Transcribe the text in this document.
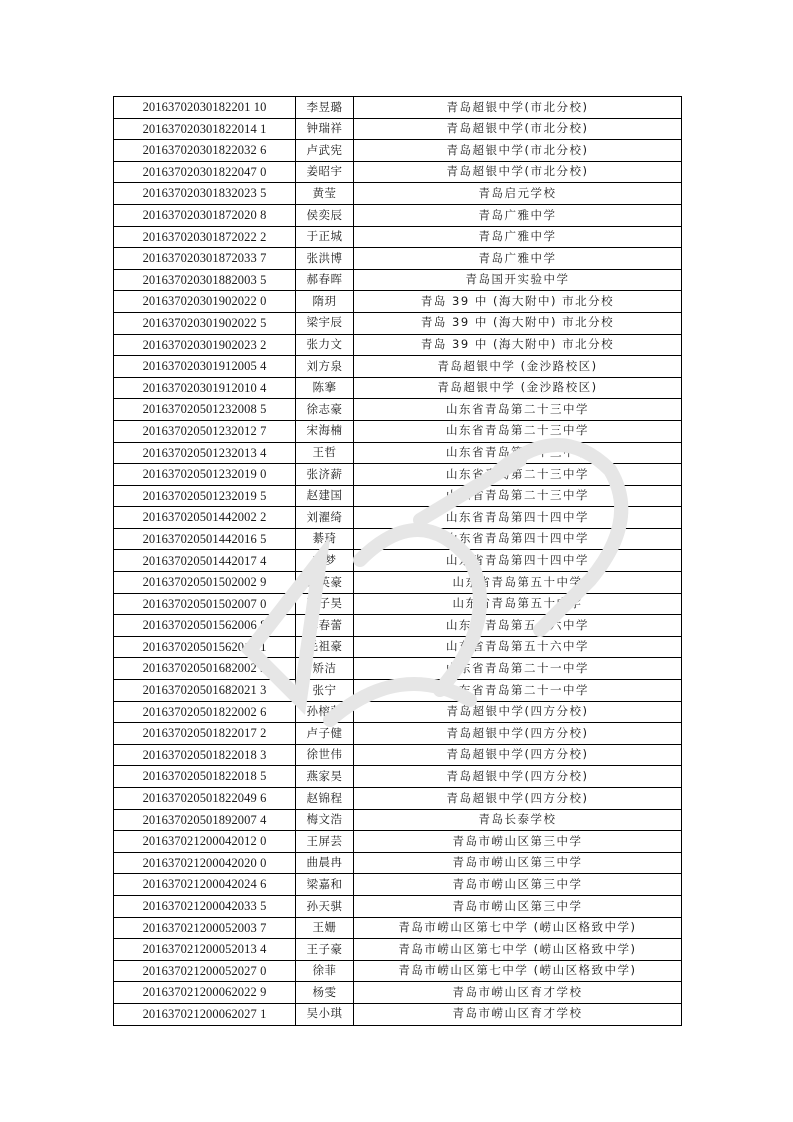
20163702030182201 10	李昱璐	青岛超银中学(市北分校)
201637020301822014 1	钟瑞祥	青岛超银中学(市北分校)
201637020301822032 6	卢武宪	青岛超银中学(市北分校)
201637020301822047 0	姜昭宇	青岛超银中学(市北分校)
201637020301832023 5	黄莹	青岛启元学校
201637020301872020 8	侯奕辰	青岛广雅中学
201637020301872022 2	于正城	青岛广雅中学
201637020301872033 7	张洪博	青岛广雅中学
201637020301882003 5	郝春晖	青岛国开实验中学
201637020301902022 0	隋玥	青岛 39 中 (海大附中) 市北分校
201637020301902022 5	梁宇辰	青岛 39 中 (海大附中) 市北分校
201637020301902023 2	张力文	青岛 39 中 (海大附中) 市北分校
201637020301912005 4	刘方泉	青岛超银中学 (金沙路校区)
201637020301912010 4	陈搴	青岛超银中学 (金沙路校区)
201637020501232008 5	徐志豪	山东省青岛第二十三中学
201637020501232012 7	宋海楠	山东省青岛第二十三中学
201637020501232013 4	王哲	山东省青岛第二十三中学
201637020501232019 0	张济薪	山东省青岛第二十三中学
201637020501232019 5	赵建国	山东省青岛第二十三中学
201637020501442002 2	刘濯绮	山东省青岛第四十四中学
201637020501442016 5	綦琦	山东省青岛第四十四中学
201637020501442017 4	李梦	山东省青岛第四十四中学
201637020501502002 9	谢英豪	山东省青岛第五十中学
201637020501502007 0	张子昊	山东省青岛第五十中学
201637020501562006 8	林春蕾	山东省青岛第五十六中学
201637020501562013 1	毛祖豪	山东省青岛第五十六中学
201637020501682002 3	矫洁	山东省青岛第二十一中学
201637020501682021 3	张宁	山东省青岛第二十一中学
201637020501822002 6	孙榕蔚	青岛超银中学(四方分校)
201637020501822017 2	卢子健	青岛超银中学(四方分校)
201637020501822018 3	徐世伟	青岛超银中学(四方分校)
201637020501822018 5	燕家昊	青岛超银中学(四方分校)
201637020501822049 6	赵锦程	青岛超银中学(四方分校)
201637020501892007 4	梅文浩	青岛长泰学校
201637021200042012 0	王屏芸	青岛市崂山区第三中学
201637021200042020 0	曲晨冉	青岛市崂山区第三中学
201637021200042024 6	梁嘉和	青岛市崂山区第三中学
201637021200042033 5	孙天骐	青岛市崂山区第三中学
201637021200052003 7	王姗	青岛市崂山区第七中学 (崂山区格致中学)
201637021200052013 4	王子豪	青岛市崂山区第七中学 (崂山区格致中学)
201637021200052027 0	徐菲	青岛市崂山区第七中学 (崂山区格致中学)
201637021200062022 9	杨雯	青岛市崂山区育才学校
201637021200062027 1	吴小琪	青岛市崂山区育才学校
